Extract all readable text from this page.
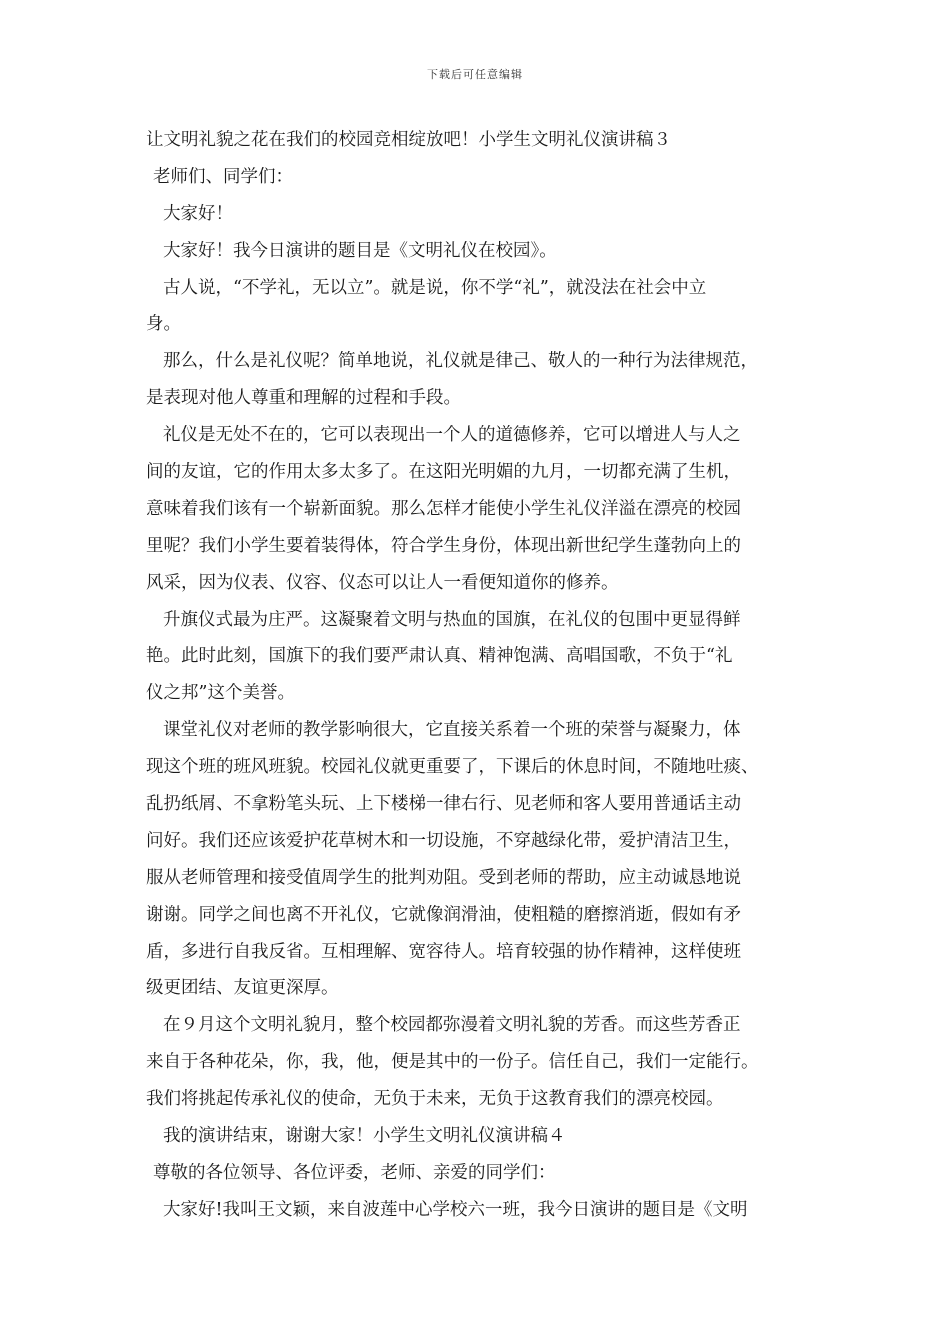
下载后可任意编辑
让文明礼貌之花在我们的校园竞相绽放吧！小学生文明礼仪演讲稿３
老师们、同学们：
大家好！
大家好！我今日演讲的题目是《文明礼仪在校园》。
古人说，“不学礼，无以立”。就是说，你不学“礼”，就没法在社会中立
身。
那么，什么是礼仪呢？简单地说，礼仪就是律己、敬人的一种行为法律规范，
是表现对他人尊重和理解的过程和手段。
礼仪是无处不在的，它可以表现出一个人的道德修养，它可以增进人与人之
间的友谊，它的作用太多太多了。在这阳光明媚的九月，一切都充满了生机，
意味着我们该有一个崭新面貌。那么怎样才能使小学生礼仪洋溢在漂亮的校园
里呢？我们小学生要着装得体，符合学生身份，体现出新世纪学生蓬勃向上的
风采，因为仪表、仪容、仪态可以让人一看便知道你的修养。
升旗仪式最为庄严。这凝聚着文明与热血的国旗，在礼仪的包围中更显得鲜
艳。此时此刻，国旗下的我们要严肃认真、精神饱满、高唱国歌，不负于“礼
仪之邦”这个美誉。
课堂礼仪对老师的教学影响很大，它直接关系着一个班的荣誉与凝聚力，体
现这个班的班风班貌。校园礼仪就更重要了，下课后的休息时间，不随地吐痰、
乱扔纸屑、不拿粉笔头玩、上下楼梯一律右行、见老师和客人要用普通话主动
问好。我们还应该爱护花草树木和一切设施，不穿越绿化带，爱护清洁卫生，
服从老师管理和接受值周学生的批判劝阻。受到老师的帮助，应主动诚恳地说
谢谢。同学之间也离不开礼仪，它就像润滑油，使粗糙的磨擦消逝，假如有矛
盾，多进行自我反省。互相理解、宽容待人。培育较强的协作精神，这样使班
级更团结、友谊更深厚。
在９月这个文明礼貌月，整个校园都弥漫着文明礼貌的芳香。而这些芳香正
来自于各种花朵，你，我，他，便是其中的一份子。信任自己，我们一定能行。
我们将挑起传承礼仪的使命，无负于未来，无负于这教育我们的漂亮校园。
我的演讲结束，谢谢大家！小学生文明礼仪演讲稿４
尊敬的各位领导、各位评委，老师、亲爱的同学们：
大家好!我叫王文颖，来自波莲中心学校六一班，我今日演讲的题目是《文明
